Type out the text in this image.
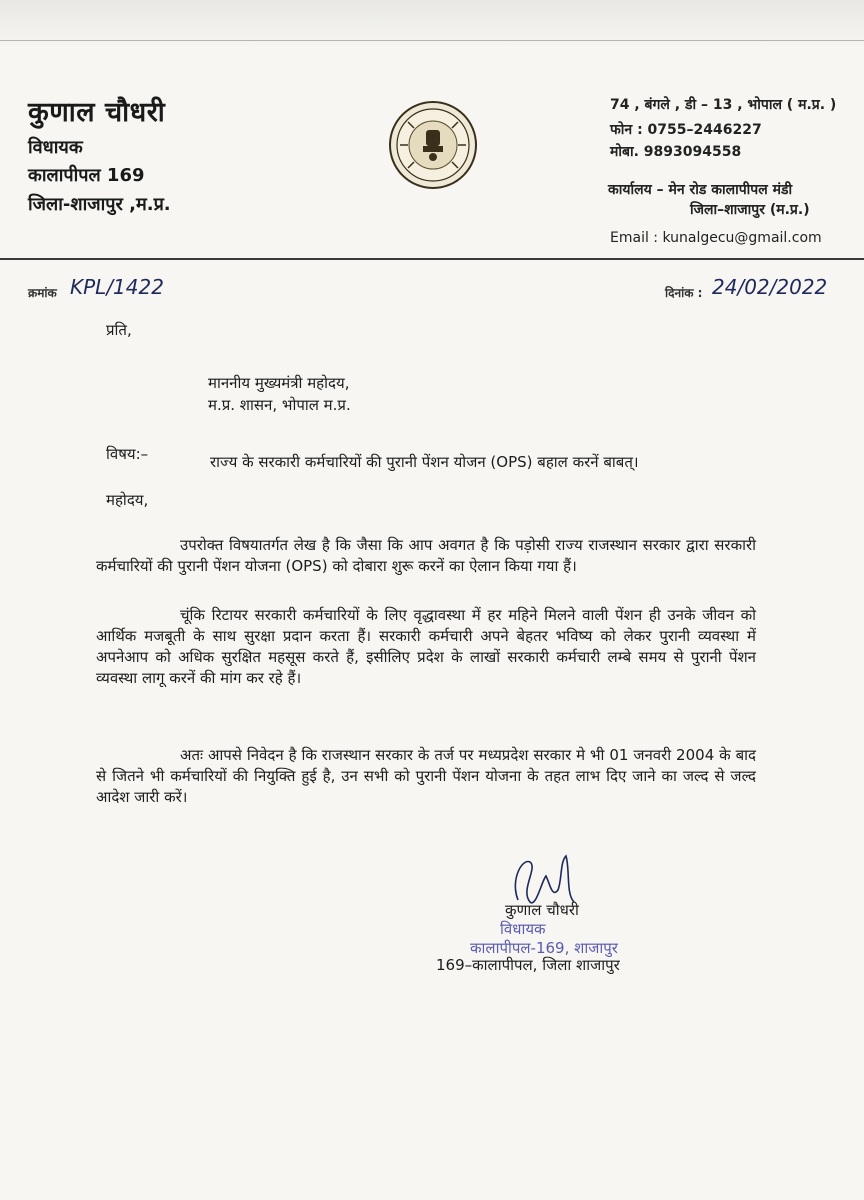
कुणाल चौधरी
विधायक
कालापीपल 169
जिला-शाजापुर ,म.प्र.
74 , बंगले , डी – 13 , भोपाल ( म.प्र. )
फोन : 0755–2446227
मोबा. 9893094558
कार्यालय – मेन रोड कालापीपल मंडी
जिला–शाजापुर (म.प्र.)
Email : kunalgecu@gmail.com
क्रमांक KPL/1422	दिनांक : 24/02/2022
प्रति,
माननीय मुख्यमंत्री महोदय,
म.प्र. शासन, भोपाल म.प्र.
विषय:–	राज्य के सरकारी कर्मचारियों की पुरानी पेंशन योजन (OPS) बहाल करनें बाबत्।
महोदय,
उपरोक्त विषयातर्गत लेख है कि जैसा कि आप अवगत है कि पड़ोसी राज्य राजस्थान सरकार द्वारा सरकारी कर्मचारियों की पुरानी पेंशन योजना (OPS) को दोबारा शुरू करनें का ऐलान किया गया हैं।
चूंकि रिटायर सरकारी कर्मचारियों के लिए वृद्धावस्था में हर महिने मिलने वाली पेंशन ही उनके जीवन को आर्थिक मजबूती के साथ सुरक्षा प्रदान करता हैं। सरकारी कर्मचारी अपने बेहतर भविष्य को लेकर पुरानी व्यवस्था में अपनेआप को अधिक सुरक्षित महसूस करते हैं, इसीलिए प्रदेश के लाखों सरकारी कर्मचारी लम्बे समय से पुरानी पेंशन व्यवस्था लागू करनें की मांग कर रहे हैं।
अतः आपसे निवेदन है कि राजस्थान सरकार के तर्ज पर मध्यप्रदेश सरकार मे भी 01 जनवरी 2004 के बाद से जितने भी कर्मचारियों की नियुक्ति हुई है, उन सभी को पुरानी पेंशन योजना के तहत लाभ दिए जाने का जल्द से जल्द आदेश जारी करें।
कुणाल चौधरी
विधायक
कालापीपल-169, शाजापुर
169–कालापीपल, जिला शाजापुर
